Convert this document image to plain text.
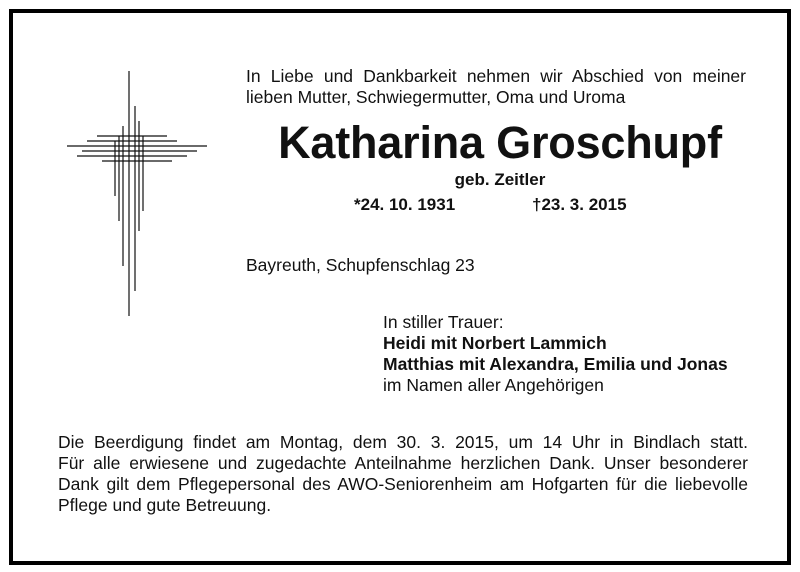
In Liebe und Dankbarkeit nehmen wir Abschied von meiner
lieben Mutter, Schwiegermutter, Oma und Uroma
Katharina Groschupf
geb. Zeitler
*24. 10. 1931	†23. 3. 2015
Bayreuth, Schupfenschlag 23
In stiller Trauer:
Heidi mit Norbert Lammich
Matthias mit Alexandra, Emilia und Jonas
im Namen aller Angehörigen
Die Beerdigung findet am Montag, dem 30. 3. 2015, um 14 Uhr in Bindlach statt.
Für alle erwiesene und zugedachte Anteilnahme herzlichen Dank. Unser besonderer
Dank gilt dem Pflegepersonal des AWO-Seniorenheim am Hofgarten für die liebevolle
Pflege und gute Betreuung.
